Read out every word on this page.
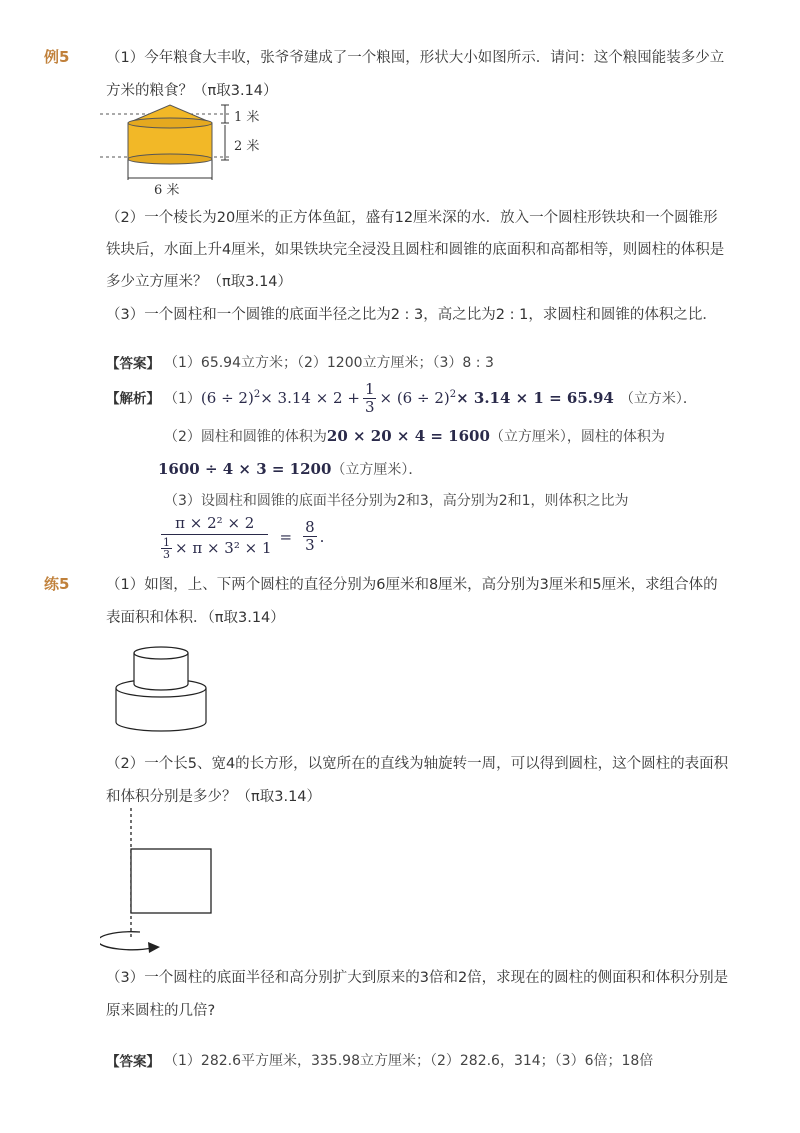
例5	（1）今年粮食大丰收，张爷爷建成了一个粮囤，形状大小如图所示．请问：这个粮囤能装多少立
方米的粮食？（π取3.14）
1 米
2 米
6 米
（2）一个棱长为20厘米的正方体鱼缸，盛有12厘米深的水．放入一个圆柱形铁块和一个圆锥形
铁块后，水面上升4厘米，如果铁块完全浸没且圆柱和圆锥的底面积和高都相等，则圆柱的体积是
多少立方厘米？（π取3.14）
（3）一个圆柱和一个圆锥的底面半径之比为2 : 3，高之比为2 : 1，求圆柱和圆锥的体积之比．
【答案】 （1）65.94立方米；（2）1200立方厘米；（3）8 : 3
【解析】 （1） $(6 \div 2)^2 \times 3.14 \times 2 + \frac{1}{3} \times (6 \div 2)^2 \times 3.14 \times 1 = 65.94$ （立方米）．
（2）圆柱和圆锥的体积为20 × 20 × 4 = 1600（立方厘米），圆柱的体积为
1600 ÷ 4 × 3 = 1200（立方厘米）．
（3）设圆柱和圆锥的底面半径分别为2和3，高分别为2和1，则体积之比为
$\frac{\text{π × 2² × 2}}{\frac{1}{3} \times \pi \times 3^2 \times 1} = \frac{8}{3}$ .
练5	（1）如图，上、下两个圆柱的直径分别为6厘米和8厘米，高分别为3厘米和5厘米，求组合体的
表面积和体积．（π取3.14）
（2）一个长5、宽4的长方形，以宽所在的直线为轴旋转一周，可以得到圆柱，这个圆柱的表面积
和体积分别是多少？（π取3.14）
（3）一个圆柱的底面半径和高分别扩大到原来的3倍和2倍，求现在的圆柱的侧面积和体积分别是
原来圆柱的几倍?
【答案】 （1）282.6平方厘米，335.98立方厘米；（2）282.6，314；（3）6倍；18倍
